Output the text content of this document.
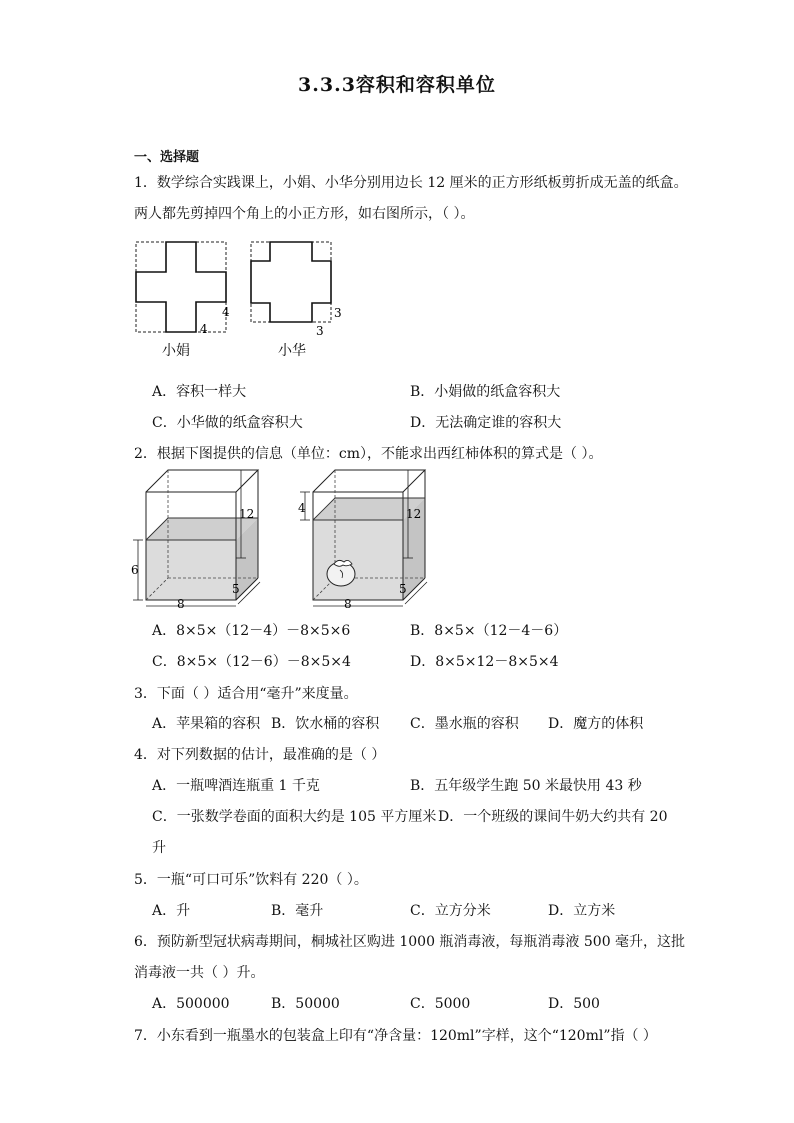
3.3.3容积和容积单位
一、选择题
1．数学综合实践课上，小娟、小华分别用边长 12 厘米的正方形纸板剪折成无盖的纸盒。
两人都先剪掉四个角上的小正方形，如右图所示，（ ）。
4
4
3
3
小娟	小华
A．容积一样大	B．小娟做的纸盒容积大
C．小华做的纸盒容积大	D．无法确定谁的容积大
2．根据下图提供的信息（单位：cm），不能求出西红柿体积的算式是（ ）。
12
6
8
5
12
4
8
5
A．8×5×（12－4）－8×5×6	B．8×5×（12－4－6）
C．8×5×（12－6）－8×5×4	D．8×5×12－8×5×4
3．下面（ ）适合用“毫升”来度量。
A．苹果箱的容积 B．饮水桶的容积 C．墨水瓶的容积 D．魔方的体积
4．对下列数据的估计，最准确的是（ ）
A．一瓶啤酒连瓶重 1 千克	B．五年级学生跑 50 米最快用 43 秒
C．一张数学卷面的面积大约是 105 平方厘米 D．一个班级的课间牛奶大约共有 20
升
5．一瓶“可口可乐”饮料有 220（ ）。
A．升	B．毫升	C．立方分米	D．立方米
6．预防新型冠状病毒期间，桐城社区购进 1000 瓶消毒液，每瓶消毒液 500 毫升，这批
消毒液一共（ ）升。
A．500000	B．50000	C．5000	D．500
7．小东看到一瓶墨水的包装盒上印有“净含量：120ml”字样，这个“120ml”指（ ）
